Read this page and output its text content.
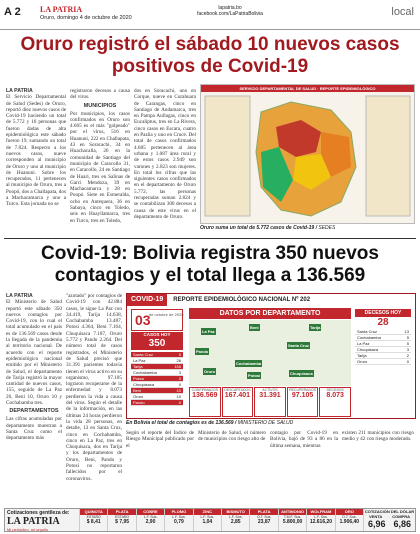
A 2 LA PATRIA
Oruro, domingo 4 de octubre de 2020
lapatria.bo
facebook.com/LaPatriaBolivia	local
Oruro registró el sábado 10 nuevos casos positivos de Covid-19
LA PATRIA
El Servicio Departamental de Salud (Sedes) de Oruro, reportó diez nuevos casos de Covid-19 haciendo un total de 5.772 y 16 personas que fueron dadas de alta epidemiológica este sábado fueron 19, sumando un total de 7.824. Respecto a los nuevos casos, nueve corresponden al municipio de Oruro y uno al municipio de Huanuni. Sobre los recuperados, 11 pertenecen al municipio de Oruro, tres a Poopó, dos a Challapata, dos a Machacamarca y uno a Turco. Esta jornada no se
registraron decesos a causa del virus.
MUNICIPIOS
Por municipios, los casos confirmados en Oruro son 4.665 es el más "golpeado" por el virus, 516 en Huanuni, 222 en Challapata, 43 en Soracachi, 34 en Huachacalla, 26 en la comunidad de Santiago del municipio de Caracollo 31, en Caracollo, 24 en Santiago de Huari, tres en Salinas de Garci Mendoza, 39 en Machacamarca y 28 en Poopó. Siete en Esmeralda, ocho en Antequera, 36 en Sabaya, cinco en Toledo, seis en Huayllamarca, tres en Turco, tres en Toledo,
dos en Soracachi, uno en Corque, nueve en Curahuara de Carangas, cinco en Santiago de Andamarca, tres en Pampa Aullagas, cinco en Eucaliptus, tres en La Rivera, cinco casos en Escara, cuatro en Pazña y uno en Cruce. Del total de casos confirmados 4.685 pertenecen al área urbana y 1.087 área rural y de estos casos 2.949 son varones y 2.823 son mujeres. En total los cifras que las siguientes casos confirmados en el departamento de Oruro 5.772, las personas recuperadas suman 2.824 y se contabilizan 300 decesos a causa de este virus en el departamento de Oruro.
SERVICIO DEPARTAMENTAL DE SALUD · REPORTE EPIDEMIOLÓGICO
Oruro suma un total de 5.772 casos de Covid-19 / SEDES
Covid-19: Bolivia registra 350 nuevos contagios y el total llega a 136.569
LA PATRIA
El Ministerio de Salud reportó este sábado 350 nuevos contagios por Covid-19, con lo cual el total acumulado en el país es de 136.569 casos desde la llegada de la pandemia al territorio nacional. De acuerdo con el reporte epidemiológico nacional emitido por el Ministerio de Salud, el departamento de Tarija registró la mayor cantidad de nuevos casos, 155, seguido de La Paz 26, Beni 10, Oruro 10 y Cochabamba tres.
DEPARTAMENTOS
Las cifras acumuladas por departamento muestran a Santa Cruz como el departamento más
"azotado" por contagios de Covid-19 con 42.884 casos, le sigue La Paz con 34.419, Tarija 14.638, Cochabamba 13.487, Potosí 4.364, Beni 7.164, Chuquisaca 7.187, Oruro 5.772 y Pando 2.264. Del número total de casos registrados, el Ministerio de Salud precisó que 31.391 pacientes todavía tienen el virus activo en su organismo, 97.105 lograron recuperarse de la enfermedad y 8.073 perdieron la vida a causa del virus. Según el detalle de la información, en las últimas 24 horas perdieron la vida 28 personas, en detalle, 13 en Santa Cruz, cinco en Cochabamba, cinco en La Paz, tres en Chuquisaca, dos en Tarija y los departamentos de Oruro, Beni, Pando y Potosí no reportaron fallecidos por el coronavirus.
COVID-19	REPORTE EPIDEMIOLÓGICO NACIONAL Nº 202
03
de octubre de 2020
CASOS HOY
350
Santa Cruz	0
La Paz	26
Tarija	155
Cochabamba	3
Potosí	0
Chuquisaca	0
Beni	10
Oruro	10
Pando	0
DATOS POR DEPARTAMENTO
La Paz
Pando
Beni
Cochabamba
Santa Cruz
Oruro
Potosí	Chuquisaca
Tarija
DECESOS HOY
28
Santa Cruz	13
Cochabamba	5
La Paz	5
Chuquisaca	3
Tarija	2
Oruro	0
CONFIRMADOS
136.569
DESCARTADOS
167.401
ACTIVOS
31.391
RECUPERADOS
97.105
DECESOS
8.073
En Bolivia el total de contagios es de 136.569 / MINISTERIO DE SALUD
Según el reporte del Índice de Riesgo Municipal publicado por el
Ministerio de Salud, el número de municipios con riesgo alto de
contagio por Covid-19 en Bolivia, bajó de 93 a 86 en la última semana, mientras
existen 211 municipios con riesgo medio y 42 con riesgo moderado.
Cotizaciones gentileza de:
LA PATRIA
Mi periódico, mi orgullo
QUINOTA
ESTAÑO
$ 8,41
PLATA
ESTAÑO
$ 7,95
COBRE
L.F. Sus.
2,90
PLOMO
L.F. Sus.
0,79
ZINC
L.F. Sus.
1,04
BISMUTO
L.F. Sus.
2,85
PLATA
O.T. Sus.
23,87
ANTIMONIO
T.M.F. Sus.
5.800,00
WOLFRAM
L.F. Sus.
12.616,20
ORO
O.T. Sus.
1.906,40
COTIZACIÓN DEL DÓLAR
VENTA COMPRA
6,96 6,86
